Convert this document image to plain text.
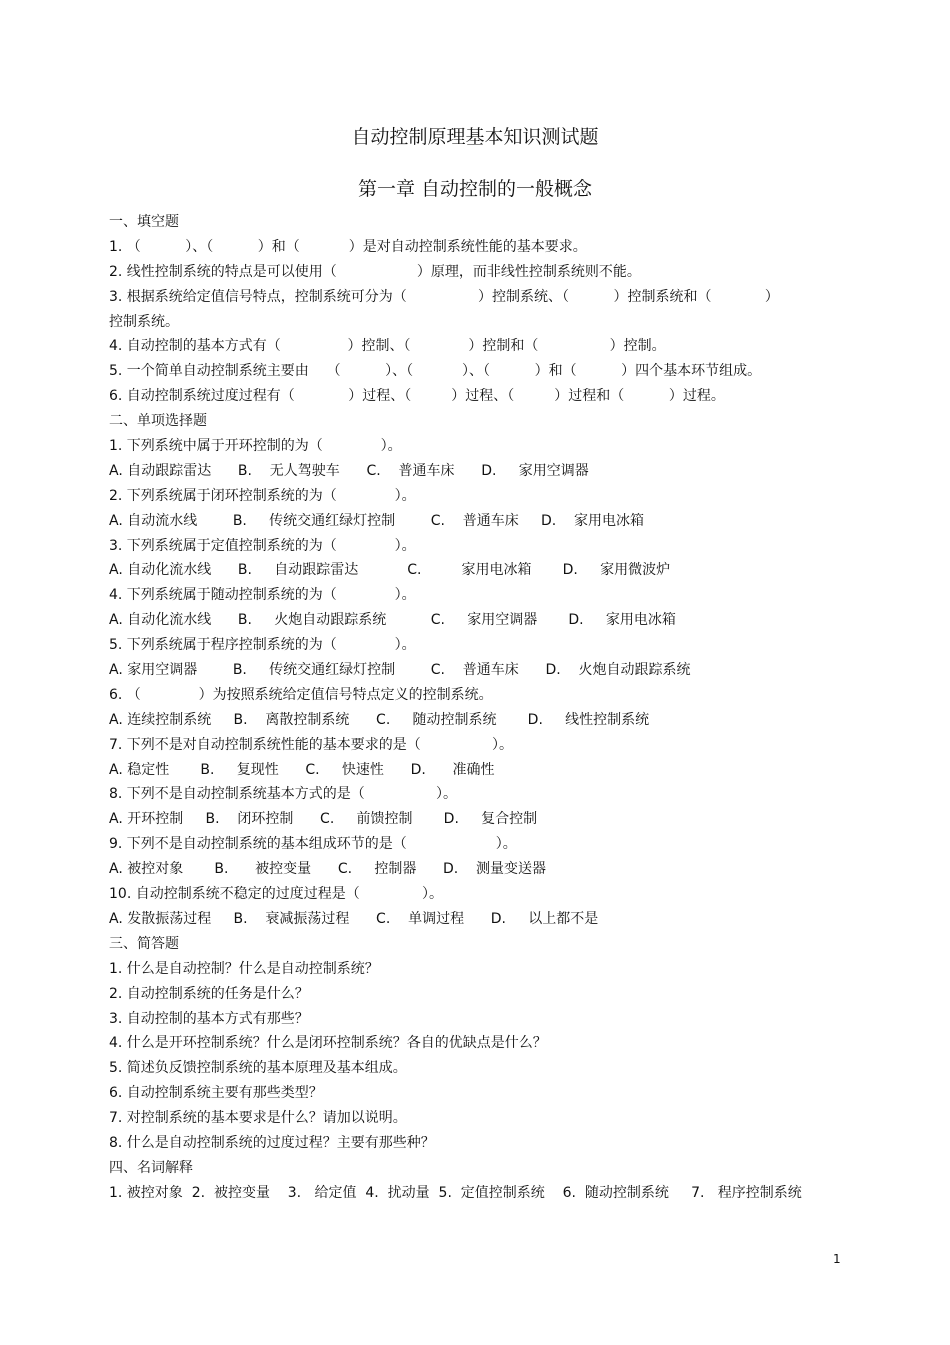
自动控制原理基本知识测试题
第一章 自动控制的一般概念
一、填空题
1. （          ）、（          ）和（           ）是对自动控制系统性能的基本要求。
2. 线性控制系统的特点是可以使用（                  ）原理，而非线性控制系统则不能。
3. 根据系统给定值信号特点，控制系统可分为（                ）控制系统、（          ）控制系统和（            ）
控制系统。
4. 自动控制的基本方式有（               ）控制、（             ）控制和（                ）控制。
5. 一个简单自动控制系统主要由    （          ）、（           ）、（          ）和（          ）四个基本环节组成。
6. 自动控制系统过度过程有（            ）过程、（         ）过程、（         ）过程和（          ）过程。
二、单项选择题
1. 下列系统中属于开环控制的为（             ）。
A. 自动跟踪雷达      B.    无人驾驶车      C.    普通车床      D.     家用空调器
2. 下列系统属于闭环控制系统的为（             ）。
A. 自动流水线        B.     传统交通红绿灯控制        C.    普通车床     D.    家用电冰箱
3. 下列系统属于定值控制系统的为（             ）。
A. 自动化流水线      B.     自动跟踪雷达           C.         家用电冰箱       D.     家用微波炉
4. 下列系统属于随动控制系统的为（             ）。
A. 自动化流水线      B.     火炮自动跟踪系统          C.     家用空调器       D.     家用电冰箱
5. 下列系统属于程序控制系统的为（             ）。
A. 家用空调器        B.     传统交通红绿灯控制        C.    普通车床      D.    火炮自动跟踪系统
6. （             ）为按照系统给定值信号特点定义的控制系统。
A. 连续控制系统     B.    离散控制系统      C.     随动控制系统       D.     线性控制系统
7. 下列不是对自动控制系统性能的基本要求的是（                ）。
A. 稳定性       B.     复现性      C.     快速性      D.      准确性
8. 下列不是自动控制系统基本方式的是（                ）。
A. 开环控制     B.    闭环控制      C.     前馈控制       D.     复合控制
9. 下列不是自动控制系统的基本组成环节的是（                    ）。
A. 被控对象       B.      被控变量      C.     控制器      D.    测量变送器
10. 自动控制系统不稳定的过度过程是（              ）。
A. 发散振荡过程     B.    衰减振荡过程      C.    单调过程      D.     以上都不是
三、简答题
1. 什么是自动控制？什么是自动控制系统？
2. 自动控制系统的任务是什么？
3. 自动控制的基本方式有那些？
4. 什么是开环控制系统？什么是闭环控制系统？各自的优缺点是什么？
5. 简述负反馈控制系统的基本原理及基本组成。
6. 自动控制系统主要有那些类型？
7. 对控制系统的基本要求是什么？请加以说明。
8. 什么是自动控制系统的过度过程？主要有那些种？
四、名词解释
1. 被控对象  2.  被控变量    3.   给定值  4.  扰动量  5.  定值控制系统    6.  随动控制系统     7.   程序控制系统
1
